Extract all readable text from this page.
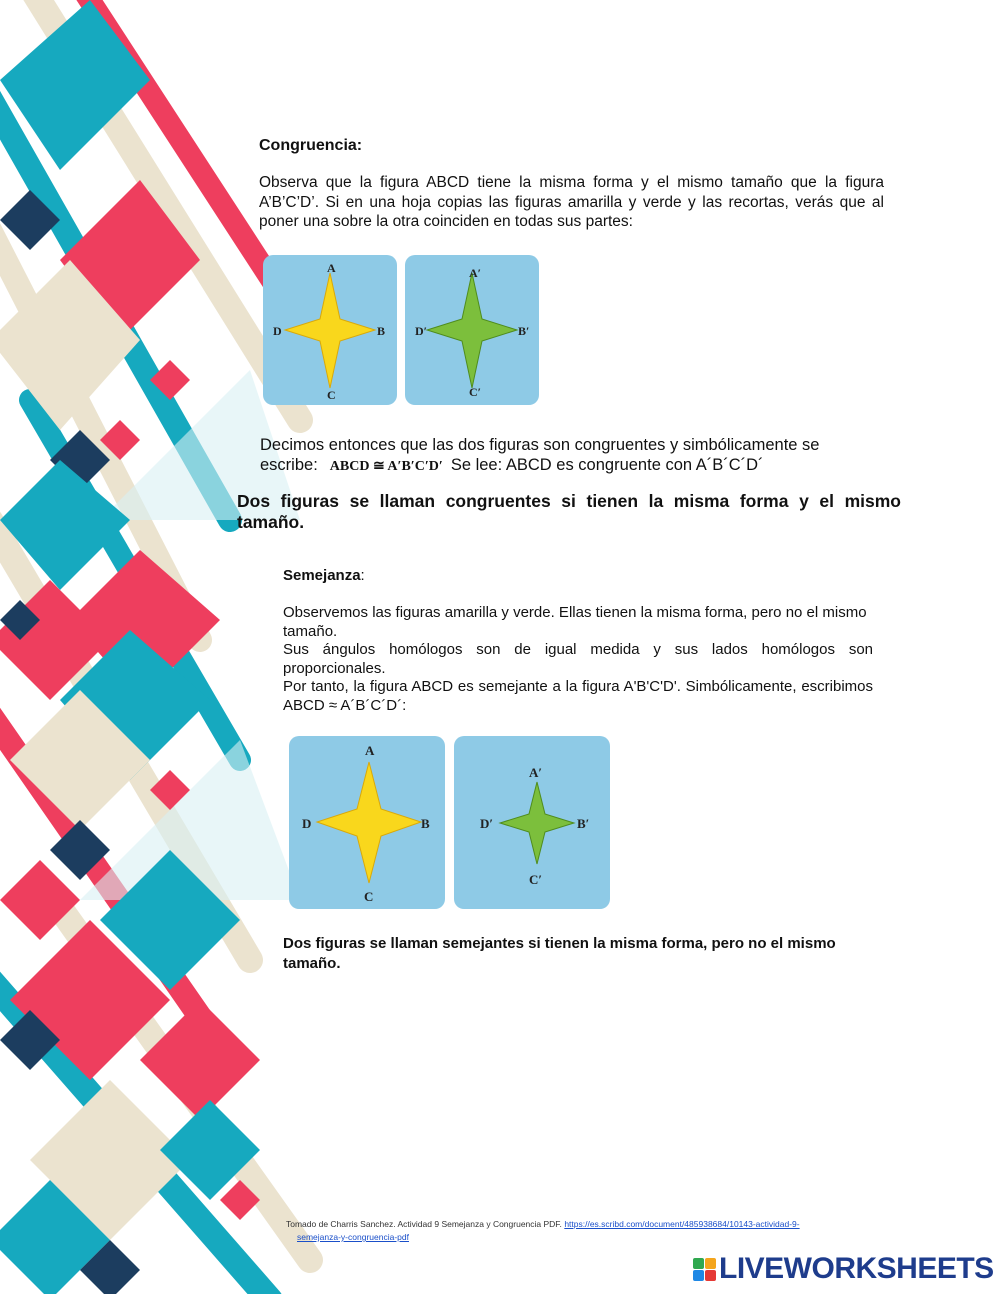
Congruencia:
Observa que la figura ABCD tiene la misma forma y el mismo tamaño que la figura A’B’C’D’. Si en una hoja copias las figuras amarilla y verde y las recortas, verás que al poner una sobre la otra coinciden en todas sus partes:
A
B
C
D
A′
B′
C′
D′
Decimos entonces que las dos figuras son congruentes y simbólicamente se escribe: ABCD ≅ A′B′C′D′ Se lee: ABCD es congruente con A´B´C´D´
Dos figuras se llaman congruentes si tienen la misma forma y el mismo tamaño.
Semejanza:
Observemos las figuras amarilla y verde. Ellas tienen la misma forma, pero no el mismo tamaño.
Sus ángulos homólogos son de igual medida y sus lados homólogos son proporcionales.
Por tanto, la figura ABCD es semejante a la figura A'B'C'D'. Simbólicamente, escribimos ABCD ≈ A´B´C´D´:
A
B
C
D
A′
B′
C′
D′
Dos figuras se llaman semejantes si tienen la misma forma, pero no el mismo tamaño.
Tomado de Charris Sanchez. Actividad 9 Semejanza y Congruencia PDF. https://es.scribd.com/document/485938684/10143-actividad-9-
semejanza-y-congruencia-pdf
LIVEWORKSHEETS
